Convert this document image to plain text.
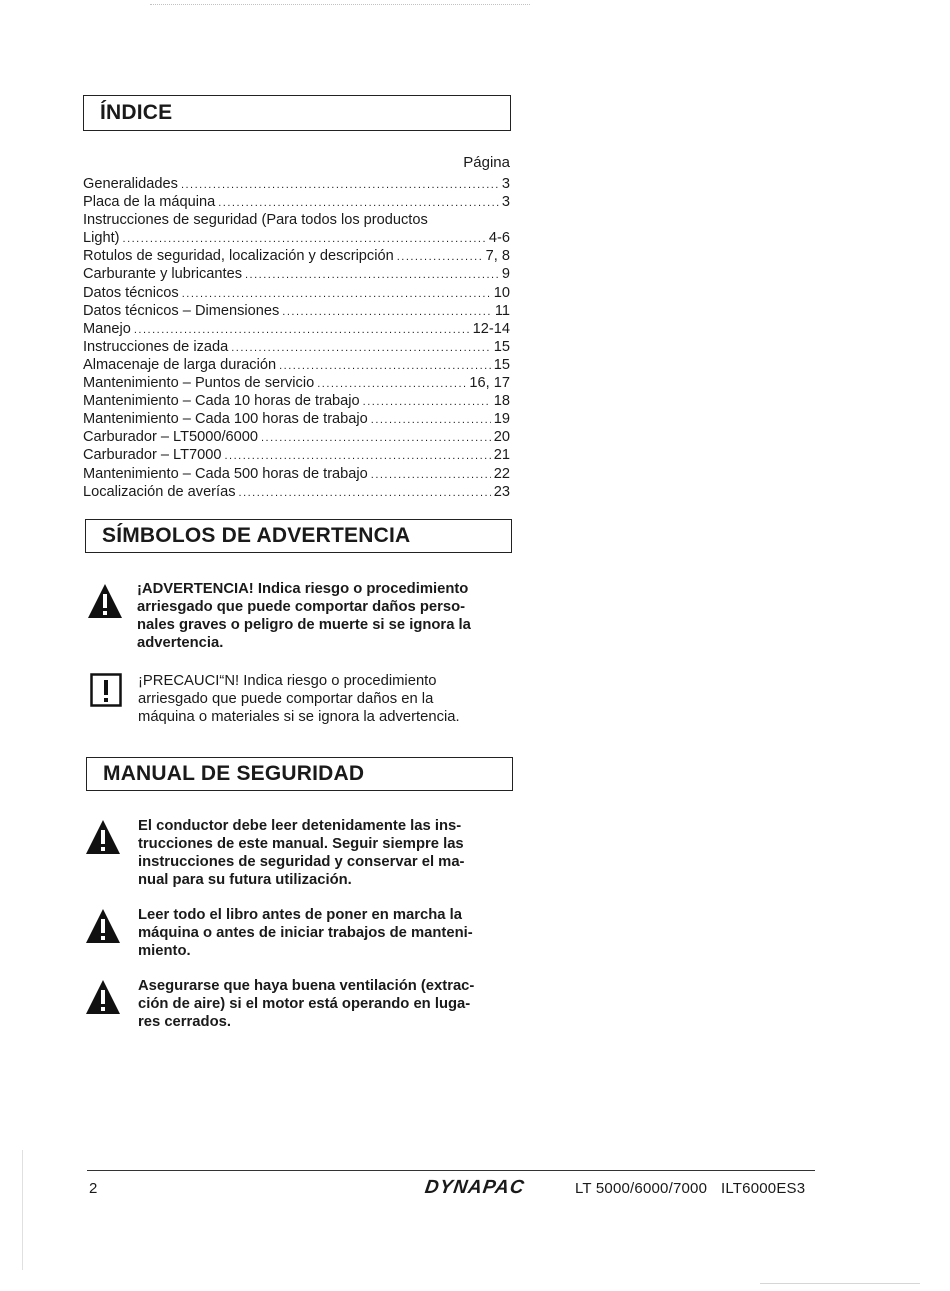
ÍNDICE
Página
Generalidades .....	3
Placa de la máquina .....	3
Instrucciones de seguridad (Para todos los productos
Light) .....	4-6
Rotulos de seguridad, localización y descripción .....	7, 8
Carburante y lubricantes .....	9
Datos técnicos .....	10
Datos técnicos – Dimensiones .....	11
Manejo .....	12-14
Instrucciones de izada .....	15
Almacenaje de larga duración .....	15
Mantenimiento – Puntos de servicio .....	16, 17
Mantenimiento – Cada 10 horas de trabajo .....	18
Mantenimiento – Cada 100 horas de trabajo .....	19
Carburador – LT5000/6000 .....	20
Carburador – LT7000 .....	21
Mantenimiento – Cada 500 horas de trabajo .....	22
Localización de averías .....	23
SÍMBOLOS DE ADVERTENCIA
¡ADVERTENCIA! Indica riesgo o procedimiento
arriesgado que puede comportar daños perso-
nales graves o peligro de muerte si se ignora la
advertencia.
¡PRECAUCI“N! Indica riesgo o procedimiento
arriesgado que puede comportar daños en la
máquina o materiales si se ignora la advertencia.
MANUAL DE SEGURIDAD
El conductor debe leer detenidamente las ins-
trucciones de este manual. Seguir siempre las
instrucciones de seguridad y conservar el ma-
nual para su futura utilización.
Leer todo el libro antes de poner en marcha la
máquina o antes de iniciar trabajos de manteni-
miento.
Asegurarse que haya buena ventilación (extrac-
ción de aire) si el motor está operando en luga-
res cerrados.
2	DYNAPAC	LT 5000/6000/7000 ILT6000ES3
